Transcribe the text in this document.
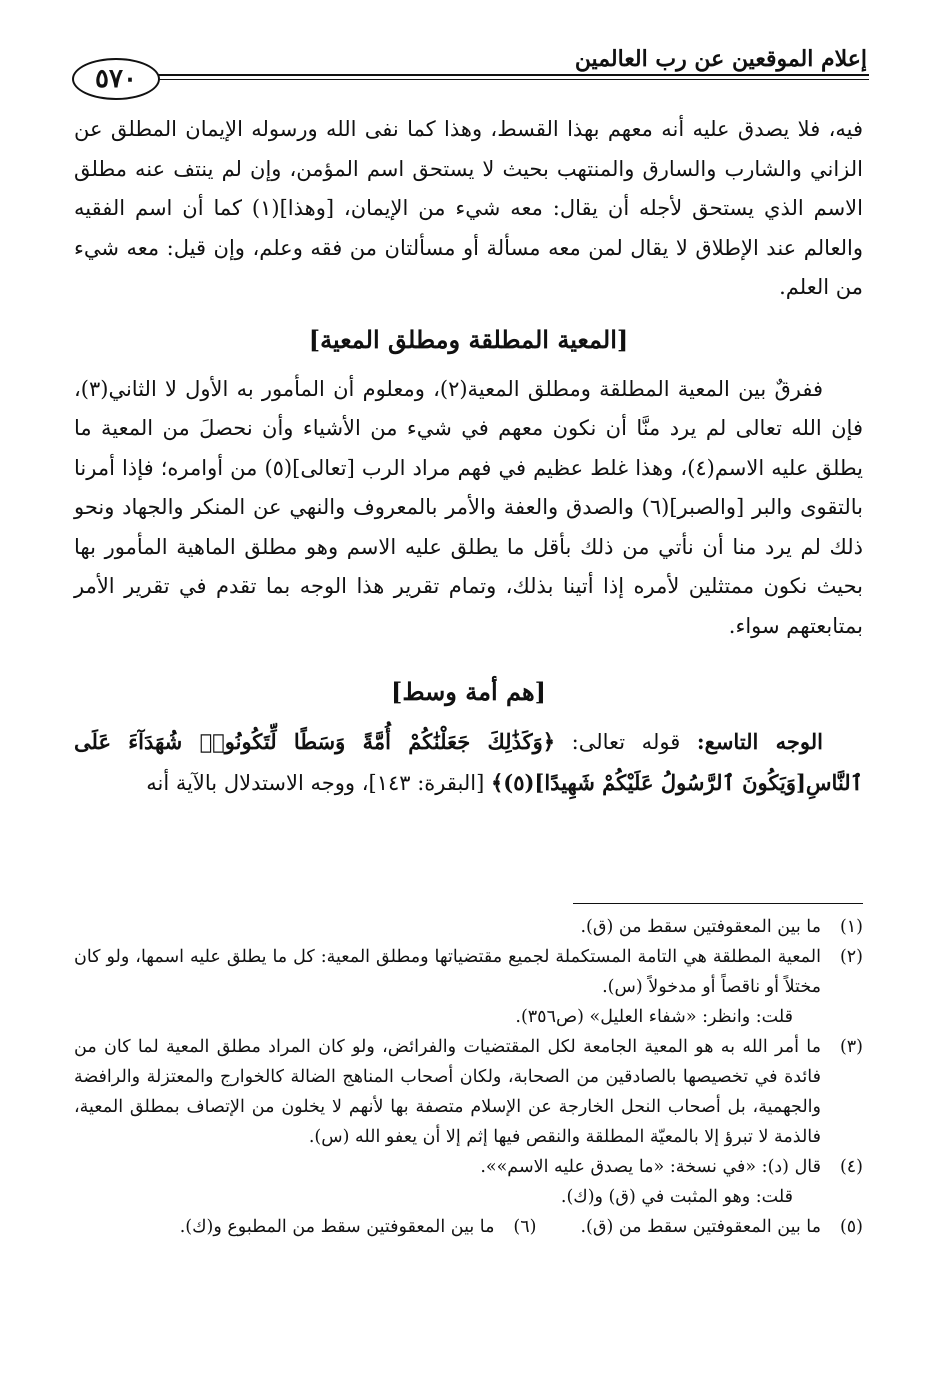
إعلام الموقعين عن رب العالمين
٥٧٠

فيه، فلا يصدق عليه أنه معهم بهذا القسط، وهذا كما نفى الله ورسوله الإيمان المطلق عن الزاني والشارب والسارق والمنتهب بحيث لا يستحق اسم المؤمن، وإن لم ينتف عنه مطلق الاسم الذي يستحق لأجله أن يقال: معه شيء من الإيمان، [وهذا](١) كما أن اسم الفقيه والعالم عند الإطلاق لا يقال لمن معه مسألة أو مسألتان من فقه وعلم، وإن قيل: معه شيء من العلم.

[المعية المطلقة ومطلق المعية]

ففرقٌ بين المعية المطلقة ومطلق المعية(٢)، ومعلوم أن المأمور به الأول لا الثاني(٣)، فإن الله تعالى لم يرد منَّا أن نكون معهم في شيء من الأشياء وأن نحصلَ من المعية ما يطلق عليه الاسم(٤)، وهذا غلط عظيم في فهم مراد الرب [تعالى](٥) من أوامره؛ فإذا أمرنا بالتقوى والبر [والصبر](٦) والصدق والعفة والأمر بالمعروف والنهي عن المنكر والجهاد ونحو ذلك لم يرد منا أن نأتي من ذلك بأقل ما يطلق عليه الاسم وهو مطلق الماهية المأمور بها بحيث نكون ممتثلين لأمره إذا أتينا بذلك، وتمام تقرير هذا الوجه بما تقدم في تقرير الأمر بمتابعتهم سواء.

[هم أمة وسط]

الوجه التاسع: قوله تعالى: ﴿وَكَذَٰلِكَ جَعَلْنَٰكُمْ أُمَّةً وَسَطًا لِّتَكُونُوا۟ شُهَدَآءَ عَلَى ٱلنَّاسِ[وَيَكُونَ ٱلرَّسُولُ عَلَيْكُمْ شَهِيدًا](٥)﴾ [البقرة: ١٤٣]، ووجه الاستدلال بالآية أنه

(١)
ما بين المعقوفتين سقط من (ق).
(٢)
المعية المطلقة هي التامة المستكملة لجميع مقتضياتها ومطلق المعية: كل ما يطلق عليه اسمها، ولو كان مختلاً أو ناقصاً أو مدخولاً (س).
قلت: وانظر: «شفاء العليل» (ص٣٥٦).
(٣)
ما أمر الله به هو المعية الجامعة لكل المقتضيات والفرائض، ولو كان المراد مطلق المعية لما كان من فائدة في تخصيصها بالصادقين من الصحابة، ولكان أصحاب المناهج الضالة كالخوارج والمعتزلة والرافضة والجهمية، بل أصحاب النحل الخارجة عن الإسلام متصفة بها لأنهم لا يخلون من الإتصاف بمطلق المعية، فالذمة لا تبرؤ إلا بالمعيّة المطلقة والنقص فيها إثم إلا أن يعفو الله (س).
(٤)
قال (د): «في نسخة: «ما يصدق عليه الاسم»».
قلت: وهو المثبت في (ق) و(ك).
(٥)
ما بين المعقوفتين سقط من (ق).
(٦)
ما بين المعقوفتين سقط من المطبوع و(ك).
